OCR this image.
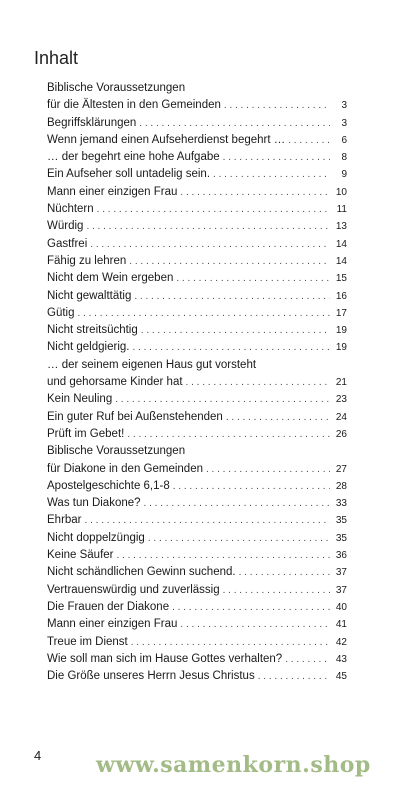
Inhalt
Biblische Voraussetzungen
für die Ältesten in den Gemeinden . . .	3
Begriffsklärungen . . .	3
Wenn jemand einen Aufseherdienst begehrt … . . .	6
… der begehrt eine hohe Aufgabe . . .	8
Ein Aufseher soll untadelig sein. . . .	9
Mann einer einzigen Frau . . .	10
Nüchtern . . .	11
Würdig . . .	13
Gastfrei . . .	14
Fähig zu lehren . . .	14
Nicht dem Wein ergeben . . .	15
Nicht gewalttätig . . .	16
Gütig . . .	17
Nicht streitsüchtig . . .	19
Nicht geldgierig. . . .	19
… der seinem eigenen Haus gut vorsteht
und gehorsame Kinder hat . . .	21
Kein Neuling . . .	23
Ein guter Ruf bei Außenstehenden . . .	24
Prüft im Gebet! . . .	26
Biblische Voraussetzungen
für Diakone in den Gemeinden . . .	27
Apostelgeschichte 6,1-8 . . .	28
Was tun Diakone? . . .	33
Ehrbar . . .	35
Nicht doppelzüngig . . .	35
Keine Säufer . . .	36
Nicht schändlichen Gewinn suchend. . . .	37
Vertrauenswürdig und zuverlässig . . .	37
Die Frauen der Diakone . . .	40
Mann einer einzigen Frau . . .	41
Treue im Dienst . . .	42
Wie soll man sich im Hause Gottes verhalten? . . .	43
Die Größe unseres Herrn Jesus Christus . . .	45
4 www.samenkorn.shop
